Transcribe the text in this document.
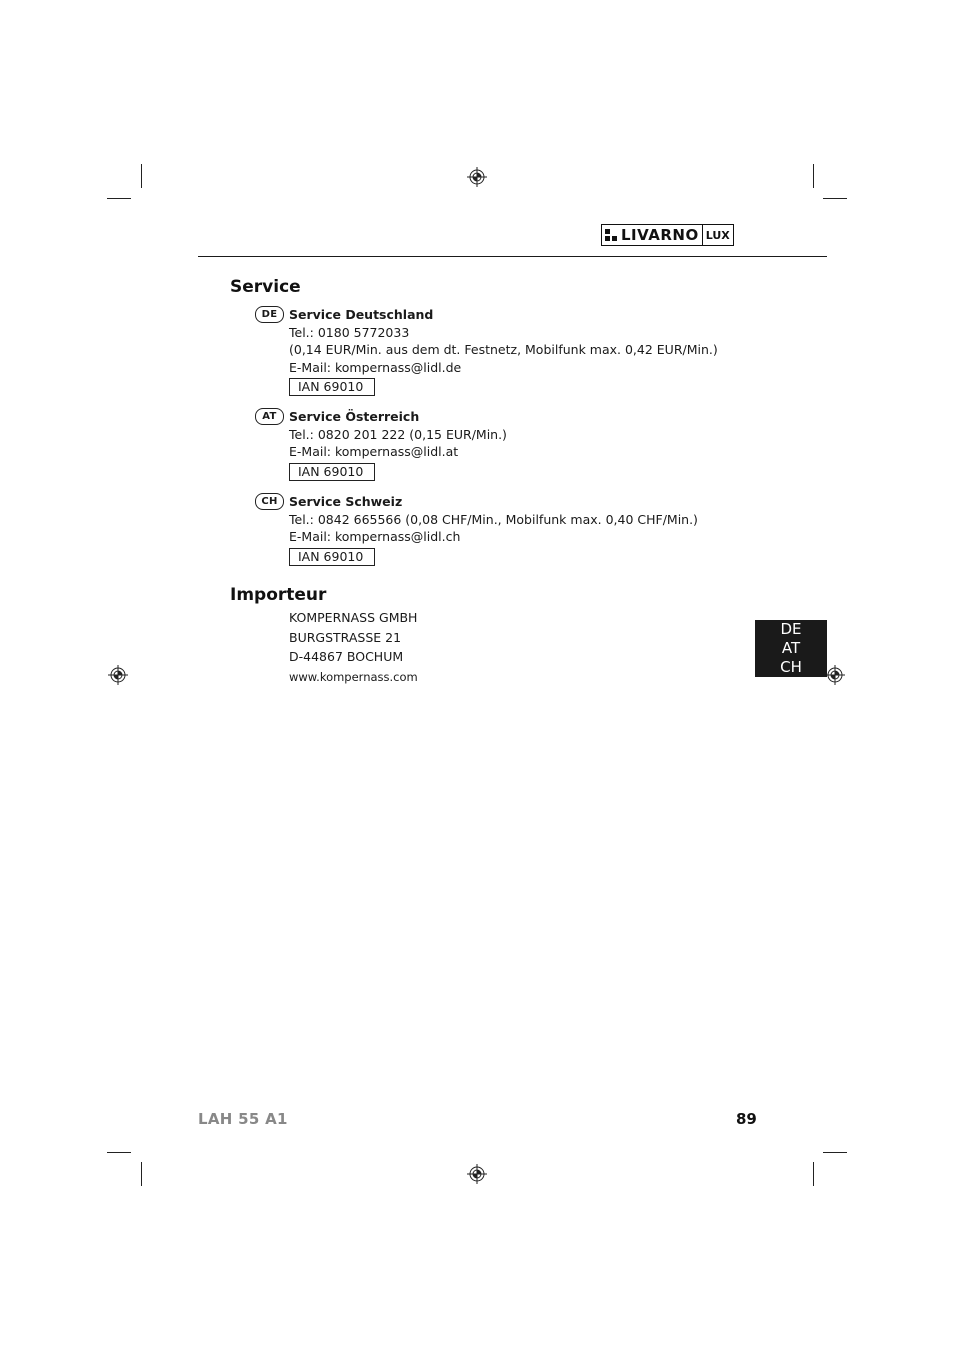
LIVARNO LUX
Service
DE Service Deutschland
Tel.: 0180 5772033
(0,14 EUR/Min. aus dem dt. Festnetz, Mobilfunk max. 0,42 EUR/Min.)
E-Mail: kompernass@lidl.de
IAN 69010
AT Service Österreich
Tel.: 0820 201 222 (0,15 EUR/Min.)
E-Mail: kompernass@lidl.at
IAN 69010
CH Service Schweiz
Tel.: 0842 665566 (0,08 CHF/Min., Mobilfunk max. 0,40 CHF/Min.)
E-Mail: kompernass@lidl.ch
IAN 69010
Importeur
KOMPERNASS GMBH
BURGSTRASSE 21
D-44867 BOCHUM
www.kompernass.com
DE
AT
CH
LAH 55 A1	89
